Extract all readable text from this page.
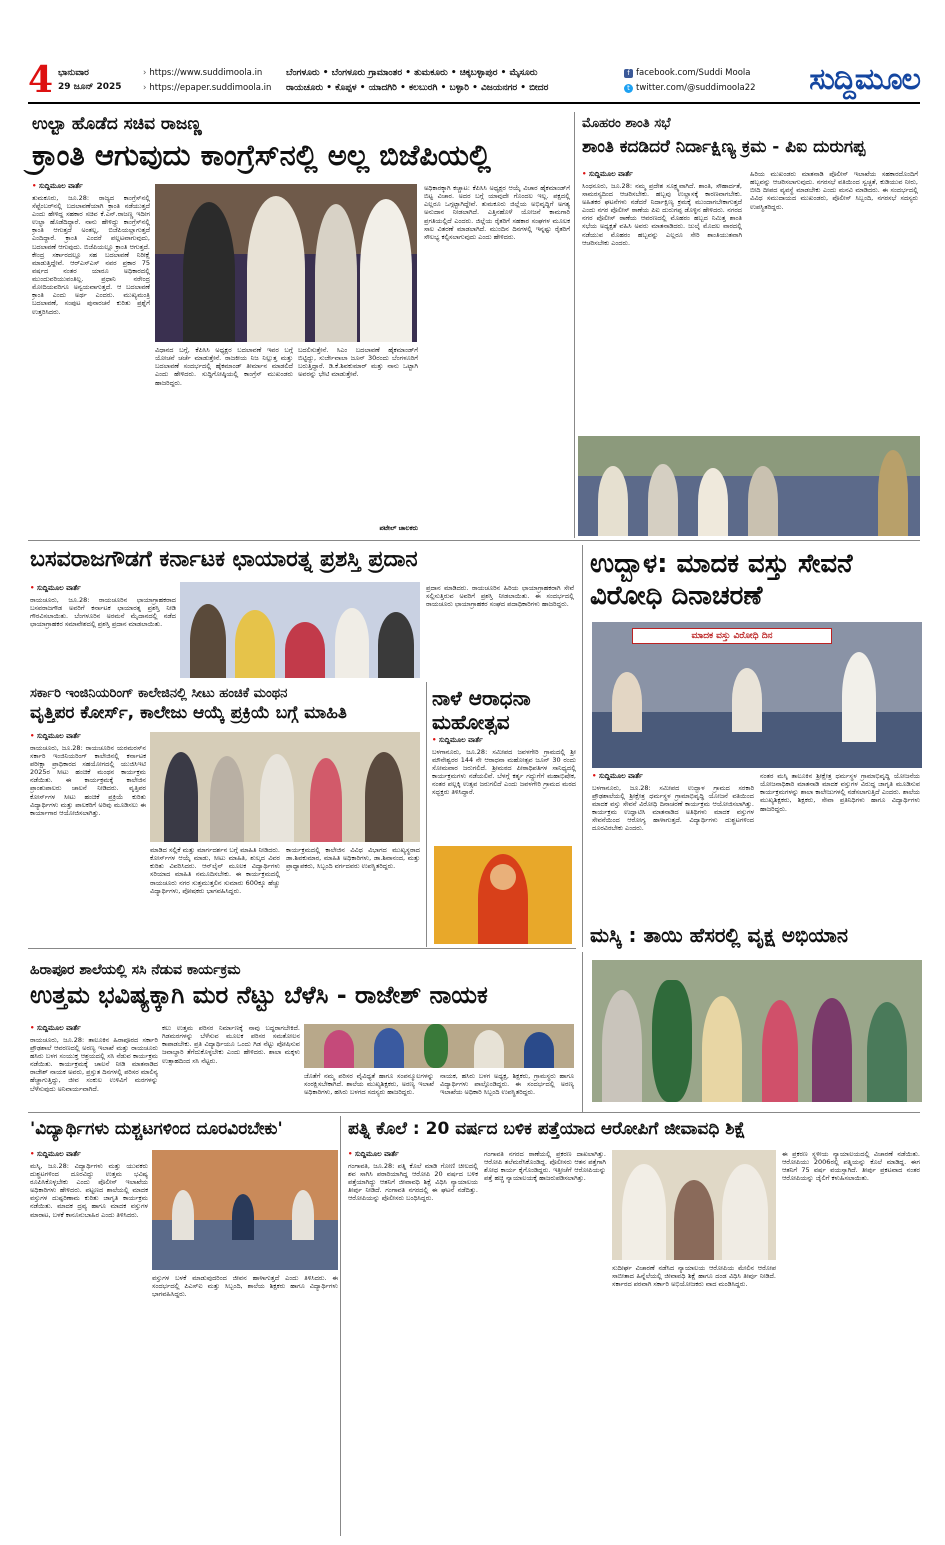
4 ಭಾನುವಾರ
29 ಜೂನ್ 2025
› https://www.suddimoola.in
› https://epaper.suddimoola.in
ಬೆಂಗಳೂರು • ಬೆಂಗಳೂರು ಗ್ರಾಮಾಂತರ • ತುಮಕೂರು • ಚಿಕ್ಕಬಳ್ಳಾಪುರ • ಮೈಸೂರು
ರಾಯಚೂರು • ಕೊಪ್ಪಳ • ಯಾದಗಿರಿ • ಕಲಬುರಗಿ • ಬಳ್ಳಾರಿ • ವಿಜಯನಗರ • ಬೀದರ
f facebook.com/Suddi Moola
t twitter.com/@suddimoola22 ಸುದ್ದಿಮೂಲ
ಉಲ್ಟಾ ಹೊಡೆದ ಸಚಿವ ರಾಜಣ್ಣ
ಕ್ರಾಂತಿ ಆಗುವುದು ಕಾಂಗ್ರೆಸ್‌ನಲ್ಲಿ ಅಲ್ಲ ಬಿಜೆಪಿಯಲ್ಲಿ

• ಸುದ್ದಿಮೂಲ ವಾರ್ತೆ

ತುಮಕೂರು, ಜೂ.28: ರಾಜ್ಯದ ಕಾಂಗ್ರೆಸ್‌ನಲ್ಲಿ ಸೆಪ್ಟೆಂಬರ್‌ನಲ್ಲಿ ಬದಲಾವಣೆಯಾಗಿ ಕ್ರಾಂತಿ ನಡೆಯುತ್ತದೆ ಎಂದು ಹೇಳಿದ್ದ ಸಹಕಾರ ಸಚಿವ ಕೆ.ಎನ್.ರಾಜಣ್ಣ ಇದೀಗ ಉಲ್ಟಾ ಹೊಡೆದಿದ್ದಾರೆ. ನಾನು ಹೇಳಿದ್ದು ಕಾಂಗ್ರೆಸ್‌ನಲ್ಲಿ ಕ್ರಾಂತಿ ಆಗುತ್ತದೆ ಅಂತಲ್ಲ, ಬಿಜೆಪಿಯಲ್ಲಾಗುತ್ತದೆ ಎಂದಿದ್ದಾರೆ. ಕ್ರಾಂತಿ ಎಂದರೆ ಪಲ್ಲಟವಾಗುವುದು, ಬದಲಾವಣೆ ಆಗುವುದು. ಬಿಜೆಪಿಯಲ್ಲೂ ಕ್ರಾಂತಿ ಆಗುತ್ತದೆ. ಕೇಂದ್ರ ಸರ್ಕಾರದಲ್ಲೂ ಸಹ ಬದಲಾವಣೆ ನಿರೀಕ್ಷೆ ಮಾಡುತ್ತಿದ್ದೇವೆ. ಆರ್‌ಎಸ್‌ಎಸ್ ನವರ ಪ್ರಕಾರ 75 ವರ್ಷದ ನಂತರ ಯಾರೂ ಅಧಿಕಾರದಲ್ಲಿ ಮುಂದುವರಿಯುವಂತಿಲ್ಲ. ಪ್ರಧಾನಿ ನರೇಂದ್ರ ಮೋದಿಯವರಿಗೂ ಅನ್ವಯವಾಗುತ್ತದೆ. ಆ ಬದಲಾವಣೆ ಕ್ರಾಂತಿ ಎಂದು ಅರ್ಥ ಎಂದರು. ಮುಖ್ಯಮಂತ್ರಿ ಬದಲಾವಣೆ, ಸಂಪುಟ ಪುನಾರಚನೆ ಕುರಿತು ಪ್ರಶ್ನೆಗೆ ಉತ್ತರಿಸಿದರು.

ವಿಧಾನದ ಬಗ್ಗೆ, ಕೆಪಿಸಿಸಿ ಅಧ್ಯಕ್ಷರ ಬದಲಾವಣೆ ಇವರ ಬಗ್ಗೆ ಯೋಚನೆ ಚರ್ಚೆ ಮಾಡುತ್ತೇನೆ. ರಾಜಕೀಯ ನಿಜ ನಿಲ್ಲುತ್ತ ಮತ್ತು ಬದಲಾವಣೆ ಸಂದರ್ಭದಲ್ಲಿ ಹೈಕಮಾಂಡ್ ತೀರ್ಮಾನ ಮಾಡಲಿದೆ ಎಂದು ಹೇಳಿದರು. ಸುದ್ದಿಗೋಷ್ಠಿಯಲ್ಲಿ ಕಾಂಗ್ರೆಸ್ ಮುಖಂಡರು ಹಾಜರಿದ್ದರು.

ಬದಲಿಸುತ್ತೇನೆ. ಸಿಎಂ ಬದಲಾವಣೆ ಹೈಕಮಾಂಡ್‌ಗೆ ಬಿಟ್ಟಿದ್ದು, ಸುರ್ಜೇವಾಲಾ ಜೂನ್ 30ರಂದು ಬೆಂಗಳೂರಿಗೆ ಬರುತ್ತಿದ್ದಾರೆ. ಡಿ.ಕೆ.ಶಿವಕುಮಾರ್ ಮತ್ತು ನಾನು ಒಟ್ಟಾಗಿ ಅವರನ್ನು ಭೇಟಿ ಮಾಡುತ್ತೇವೆ.

ಪಟೇಲ್ ಚಾಲಕರು

ಅಧಿಕಾರಕ್ಕಾಗಿ ಕಚ್ಚಾಟ: ಕೆಪಿಸಿಸಿ ಅಧ್ಯಕ್ಷರ ಆಯ್ಕೆ ವಿಚಾರ ಹೈಕಮಾಂಡ್‌ಗೆ ಬಿಟ್ಟ ವಿಚಾರ. ಅದರ ಬಗ್ಗೆ ಯಾವುದೇ ಗೊಂದಲ ಇಲ್ಲ. ಪಕ್ಷದಲ್ಲಿ ಎಲ್ಲರೂ ಒಗ್ಗಟ್ಟಾಗಿದ್ದೇವೆ. ತುಮಕೂರು ಜಿಲ್ಲೆಯ ಅಭಿವೃದ್ಧಿಗೆ ಅಗತ್ಯ ಅನುದಾನ ನೀಡಲಾಗಿದೆ. ಎತ್ತಿನಹೊಳೆ ಯೋಜನೆ ಕಾಮಗಾರಿ ಪ್ರಗತಿಯಲ್ಲಿದೆ ಎಂದರು. ಜಿಲ್ಲೆಯ ರೈತರಿಗೆ ಸಹಕಾರ ಸಂಘಗಳ ಮೂಲಕ ಸಾಲ ವಿತರಣೆ ಮಾಡಲಾಗಿದೆ. ಮುಂದಿನ ದಿನಗಳಲ್ಲಿ ಇನ್ನಷ್ಟು ರೈತರಿಗೆ ಸೌಲಭ್ಯ ಕಲ್ಪಿಸಲಾಗುವುದು ಎಂದು ಹೇಳಿದರು.

ಮೊಹರಂ ಶಾಂತಿ ಸಭೆ
ಶಾಂತಿ ಕದಡಿದರೆ ನಿರ್ದಾಕ್ಷಿಣ್ಯ ಕ್ರಮ - ಪಿಐ ದುರುಗಪ್ಪ

• ಸುದ್ದಿಮೂಲ ವಾರ್ತೆ

ಸಿಂಧನೂರು, ಜೂ.28: ನಮ್ಮ ಪ್ರದೇಶ ಸೂಕ್ಷ್ಮವಾಗಿದೆ. ಶಾಂತಿ, ಸೌಹಾರ್ದತೆ, ಸಾಮರಸ್ಯದಿಂದ ಆಚರಿಸಬೇಕು. ಹಬ್ಬವು ಉಲ್ಲಾಸಕ್ಕೆ ಕಾರಣವಾಗಬೇಕು. ಅಹಿತಕರ ಘಟನೆಗಳು ನಡೆದರೆ ನಿರ್ದಾಕ್ಷಿಣ್ಯ ಕ್ರಮಕ್ಕೆ ಮುಂದಾಗಬೇಕಾಗುತ್ತದೆ ಎಂದು ನಗರ ಪೊಲೀಸ್ ಠಾಣೆಯ ಪಿಐ ದುರುಗಪ್ಪ ಡೊಳ್ಳಿನ ಹೇಳಿದರು. ನಗರದ ನಗರ ಪೊಲೀಸ್ ಠಾಣೆಯ ಆವರಣದಲ್ಲಿ ಮೊಹರಂ ಹಬ್ಬದ ನಿಮಿತ್ತ ಶಾಂತಿ ಸಭೆಯ ಅಧ್ಯಕ್ಷತೆ ವಹಿಸಿ ಅವರು ಮಾತನಾಡಿದರು. ಜುಲೈ ಮೊದಲ ವಾರದಲ್ಲಿ ನಡೆಯುವ ಮೊಹರಂ ಹಬ್ಬವನ್ನು ಎಲ್ಲರೂ ಸೇರಿ ಶಾಂತಿಯುತವಾಗಿ ಆಚರಿಸಬೇಕು ಎಂದರು.

ಹಿರಿಯ ಮುಖಂಡರು ಮಾತನಾಡಿ ಪೊಲೀಸ್ ಇಲಾಖೆಯ ಸಹಕಾರದೊಂದಿಗೆ ಹಬ್ಬವನ್ನು ಆಚರಿಸಲಾಗುವುದು. ನಗರಸಭೆ ವತಿಯಿಂದ ಸ್ವಚ್ಛತೆ, ಕುಡಿಯುವ ನೀರು, ಬೀದಿ ದೀಪದ ವ್ಯವಸ್ಥೆ ಮಾಡಬೇಕು ಎಂದು ಮನವಿ ಮಾಡಿದರು. ಈ ಸಂದರ್ಭದಲ್ಲಿ ವಿವಿಧ ಸಮುದಾಯದ ಮುಖಂಡರು, ಪೊಲೀಸ್ ಸಿಬ್ಬಂದಿ, ನಗರಸಭೆ ಸದಸ್ಯರು ಉಪಸ್ಥಿತರಿದ್ದರು.

ಬಸವರಾಜಗೌಡಗೆ ಕರ್ನಾಟಕ ಛಾಯಾರತ್ನ ಪ್ರಶಸ್ತಿ ಪ್ರದಾನ

• ಸುದ್ದಿಮೂಲ ವಾರ್ತೆ

ರಾಯಚೂರು, ಜೂ.28: ರಾಯಚೂರಿನ ಛಾಯಾಗ್ರಾಹಕರಾದ ಬಸವರಾಜಗೌಡ ಅವರಿಗೆ ಕರ್ನಾಟಕ ಛಾಯಾರತ್ನ ಪ್ರಶಸ್ತಿ ನೀಡಿ ಗೌರವಿಸಲಾಯಿತು. ಬೆಂಗಳೂರಿನ ಅರಮನೆ ಮೈದಾನದಲ್ಲಿ ನಡೆದ ಛಾಯಾಗ್ರಾಹಕರ ಸಮಾವೇಶದಲ್ಲಿ ಪ್ರಶಸ್ತಿ ಪ್ರದಾನ ಮಾಡಲಾಯಿತು.

ಪ್ರದಾನ ಮಾಡಿದರು. ರಾಯಚೂರಿನ ಹಿರಿಯ ಛಾಯಾಗ್ರಾಹಕರಾಗಿ ಸೇವೆ ಸಲ್ಲಿಸುತ್ತಿರುವ ಅವರಿಗೆ ಪ್ರಶಸ್ತಿ ನೀಡಲಾಯಿತು. ಈ ಸಂದರ್ಭದಲ್ಲಿ ರಾಯಚೂರು ಛಾಯಾಗ್ರಾಹಕರ ಸಂಘದ ಪದಾಧಿಕಾರಿಗಳು ಹಾಜರಿದ್ದರು.

ಉದ್ಬಾಳ: ಮಾದಕ ವಸ್ತು ಸೇವನೆ ವಿರೋಧಿ ದಿನಾಚರಣೆ
ಮಾದಕ ವಸ್ತು ವಿರೋಧಿ ದಿನ

• ಸುದ್ದಿಮೂಲ ವಾರ್ತೆ

ಬಳಗಾನೂರು, ಜೂ.28: ಸಮೀಪದ ಉದ್ಬಾಳ ಗ್ರಾಮದ ಸರಕಾರಿ ಪ್ರೌಢಶಾಲೆಯಲ್ಲಿ ಶ್ರೀಕ್ಷೇತ್ರ ಧರ್ಮಸ್ಥಳ ಗ್ರಾಮಾಭಿವೃದ್ಧಿ ಯೋಜನೆ ವತಿಯಿಂದ ಮಾದಕ ವಸ್ತು ಸೇವನೆ ವಿರೋಧಿ ದಿನಾಚರಣೆ ಕಾರ್ಯಕ್ರಮ ಆಯೋಜಿಸಲಾಗಿತ್ತು. ಕಾರ್ಯಕ್ರಮ ಉದ್ಘಾಟಿಸಿ ಮಾತನಾಡಿದ ಅತಿಥಿಗಳು ಮಾದಕ ವಸ್ತುಗಳ ಸೇವನೆಯಿಂದ ಆರೋಗ್ಯ ಹಾಳಾಗುತ್ತದೆ. ವಿದ್ಯಾರ್ಥಿಗಳು ದುಶ್ಚಟಗಳಿಂದ ದೂರವಿರಬೇಕು ಎಂದರು.

ನಂತರ ಮಸ್ಕಿ ತಾಲೂಕಿನ ಶ್ರೀಕ್ಷೇತ್ರ ಧರ್ಮಸ್ಥಳ ಗ್ರಾಮಾಭಿವೃದ್ಧಿ ಯೋಜನೆಯ ಯೋಜನಾಧಿಕಾರಿ ಮಾತನಾಡಿ ಮಾದಕ ವಸ್ತುಗಳ ವಿರುದ್ಧ ಜಾಗೃತಿ ಮೂಡಿಸುವ ಕಾರ್ಯಕ್ರಮಗಳನ್ನು ಶಾಲಾ ಕಾಲೇಜುಗಳಲ್ಲಿ ನಡೆಸಲಾಗುತ್ತಿದೆ ಎಂದರು. ಶಾಲೆಯ ಮುಖ್ಯಶಿಕ್ಷಕರು, ಶಿಕ್ಷಕರು, ಸೇವಾ ಪ್ರತಿನಿಧಿಗಳು ಹಾಗೂ ವಿದ್ಯಾರ್ಥಿಗಳು ಹಾಜರಿದ್ದರು.

ಸರ್ಕಾರಿ ಇಂಜಿನಿಯರಿಂಗ್ ಕಾಲೇಜಿನಲ್ಲಿ ಸೀಟು ಹಂಚಿಕೆ ಮಂಥನ
ವೃತ್ತಿಪರ ಕೋರ್ಸ್, ಕಾಲೇಜು ಆಯ್ಕೆ ಪ್ರಕ್ರಿಯೆ ಬಗ್ಗೆ ಮಾಹಿತಿ

• ಸುದ್ದಿಮೂಲ ವಾರ್ತೆ

ರಾಯಚೂರು, ಜೂ.28: ರಾಯಚೂರಿನ ಯರಮರಸ್‌ನ ಸರ್ಕಾರಿ ಇಂಜಿನಿಯರಿಂಗ್ ಕಾಲೇಜಿನಲ್ಲಿ ಕರ್ನಾಟಕ ಪರೀಕ್ಷಾ ಪ್ರಾಧಿಕಾರದ ಸಹಯೋಗದಲ್ಲಿ ಯುಜಿಸಿಇಟಿ 2025ರ ಸೀಟು ಹಂಚಿಕೆ ಮಂಥನ ಕಾರ್ಯಕ್ರಮ ನಡೆಯಿತು. ಈ ಕಾರ್ಯಕ್ರಮಕ್ಕೆ ಕಾಲೇಜಿನ ಪ್ರಾಂಶುಪಾಲರು ಚಾಲನೆ ನೀಡಿದರು. ವೃತ್ತಿಪರ ಕೋರ್ಸ್‌ಗಳ ಸೀಟು ಹಂಚಿಕೆ ಪ್ರಕ್ರಿಯೆ ಕುರಿತು ವಿದ್ಯಾರ್ಥಿಗಳು ಮತ್ತು ಪಾಲಕರಿಗೆ ಅರಿವು ಮೂಡಿಸಲು ಈ ಕಾರ್ಯಾಗಾರ ಆಯೋಜಿಸಲಾಗಿತ್ತು.

ಮಾಡಿದ ಸಲ್ಲಿಕೆ ಮತ್ತು ಮಾರ್ಗದರ್ಶನ ಬಗ್ಗೆ ಮಾಹಿತಿ ನೀಡಿದರು. ಕೋರ್ಸ್‌ಗಳ ಆಯ್ಕೆ ಮಾಡು, ಸೀಟು ಮಾಹಿತಿ, ಶುಲ್ಕದ ವಿವರ ಕುರಿತು ವಿವರಿಸಿದರು. ಆನ್‌ಲೈನ್ ಮೂಲಕ ವಿದ್ಯಾರ್ಥಿಗಳು ಸರಿಯಾದ ಮಾಹಿತಿ ನಮೂದಿಸಬೇಕು. ಈ ಕಾರ್ಯಕ್ರಮದಲ್ಲಿ ರಾಯಚೂರು ನಗರ ಸುತ್ತಮುತ್ತಲಿನ ಸುಮಾರು 600ಕ್ಕೂ ಹೆಚ್ಚು ವಿದ್ಯಾರ್ಥಿಗಳು, ಪೋಷಕರು ಭಾಗವಹಿಸಿದ್ದರು.

ಕಾರ್ಯಕ್ರಮದಲ್ಲಿ ಕಾಲೇಜಿನ ವಿವಿಧ ವಿಭಾಗದ ಮುಖ್ಯಸ್ಥರಾದ ಡಾ.ಶಿವಕುಮಾರ, ಮಾಹಿತಿ ಅಧಿಕಾರಿಗಳು, ಡಾ.ಶಿವಾನಂದ, ಮತ್ತು ಪ್ರಾಧ್ಯಾಪಕರು, ಸಿಬ್ಬಂದಿ ವರ್ಗದವರು ಉಪಸ್ಥಿತರಿದ್ದರು.

ನಾಳೆ ಆರಾಧನಾ ಮಹೋತ್ಸವ

• ಸುದ್ದಿಮೂಲ ವಾರ್ತೆ

ಬಳಗಾನೂರು, ಜೂ.28: ಸಮೀಪದ ಜವಳಗೇರಿ ಗ್ರಾಮದಲ್ಲಿ ಶ್ರೀ ಮೌನೇಶ್ವರರ 144 ನೇ ಆರಾಧನಾ ಮಹೋತ್ಸವ ಜೂನ್ 30 ರಂದು ಸೋಮವಾರ ಜರುಗಲಿದೆ. ಶ್ರೀಮಠದ ಪೀಠಾಧಿಪತಿಗಳ ಸಾನಿಧ್ಯದಲ್ಲಿ ಕಾರ್ಯಕ್ರಮಗಳು ನಡೆಯಲಿವೆ. ಬೆಳಗ್ಗೆ ಕರ್ತೃ ಗದ್ದುಗೆಗೆ ಮಹಾಭಿಷೇಕ, ನಂತರ ಪಲ್ಲಕ್ಕಿ ಉತ್ಸವ ಜರುಗಲಿದೆ ಎಂದು ಜವಳಗೇರಿ ಗ್ರಾಮದ ಮಠದ ಸದ್ಭಕ್ತರು ತಿಳಿಸಿದ್ದಾರೆ.

ಮಸ್ಕಿ : ತಾಯಿ ಹೆಸರಲ್ಲಿ ವೃಕ್ಷ ಅಭಿಯಾನ
ಹಿರಾಪೂರ ಶಾಲೆಯಲ್ಲಿ ಸಸಿ ನೆಡುವ ಕಾರ್ಯಕ್ರಮ
ಉತ್ತಮ ಭವಿಷ್ಯಕ್ಕಾಗಿ ಮರ ನೆಟ್ಟು ಬೆಳೆಸಿ - ರಾಜೇಶ್ ನಾಯಕ

• ಸುದ್ದಿಮೂಲ ವಾರ್ತೆ

ರಾಯಚೂರು, ಜೂ.28: ತಾಲೂಕಿನ ಹಿರಾಪೂರದ ಸರ್ಕಾರಿ ಪ್ರೌಢಶಾಲೆ ಆವರಣದಲ್ಲಿ ಅರಣ್ಯ ಇಲಾಖೆ ಮತ್ತು ರಾಯಚೂರು ಹಸಿರು ಬಳಗ ಸಂಯುಕ್ತ ಆಶ್ರಯದಲ್ಲಿ ಸಸಿ ನೆಡುವ ಕಾರ್ಯಕ್ರಮ ನಡೆಯಿತು. ಕಾರ್ಯಕ್ರಮಕ್ಕೆ ಚಾಲನೆ ನೀಡಿ ಮಾತನಾಡಿದ ರಾಜೇಶ್ ನಾಯಕ ಅವರು, ಪ್ರಸ್ತುತ ದಿನಗಳಲ್ಲಿ ಪರಿಸರ ಮಾಲಿನ್ಯ ಹೆಚ್ಚಾಗುತ್ತಿದ್ದು, ಜೀವ ಸಂಕುಲ ಉಳಿವಿಗೆ ಮರಗಳನ್ನು ಬೆಳೆಸುವುದು ಅನಿವಾರ್ಯವಾಗಿದೆ.

ಕಲು ಉತ್ತಮ ಪರಿಸರ ನಿರ್ಮಾಣಕ್ಕೆ ನಾವು ಬದ್ಧರಾಗಬೇಕಿದೆ. ಗಿಡಮರಗಳನ್ನು ಬೆಳೆಸುವ ಮೂಲಕ ಪರಿಸರ ಸಮತೋಲನ ಕಾಪಾಡಬೇಕು. ಪ್ರತಿ ವಿದ್ಯಾರ್ಥಿಯೂ ಒಂದು ಗಿಡ ನೆಟ್ಟು ಪೋಷಿಸುವ ಜವಾಬ್ದಾರಿ ತೆಗೆದುಕೊಳ್ಳಬೇಕು ಎಂದು ಹೇಳಿದರು. ಶಾಲಾ ಮಕ್ಕಳು ಉತ್ಸಾಹದಿಂದ ಸಸಿ ನೆಟ್ಟರು.

ಜೊತೆಗೆ ನಮ್ಮ ಪರಿಸರ ವೈವಿಧ್ಯತೆ ಹಾಗೂ ಸಂಪನ್ಮೂಲಗಳನ್ನು ಸಂರಕ್ಷಿಸಬೇಕಾಗಿದೆ. ಶಾಲೆಯ ಮುಖ್ಯಶಿಕ್ಷಕರು, ಅರಣ್ಯ ಇಲಾಖೆ ಅಧಿಕಾರಿಗಳು, ಹಸಿರು ಬಳಗದ ಸದಸ್ಯರು ಹಾಜರಿದ್ದರು.

ನಾಯಕ, ಹಸಿರು ಬಳಗ ಅಧ್ಯಕ್ಷ, ಶಿಕ್ಷಕರು, ಗ್ರಾಮಸ್ಥರು ಹಾಗೂ ವಿದ್ಯಾರ್ಥಿಗಳು ಪಾಲ್ಗೊಂಡಿದ್ದರು. ಈ ಸಂದರ್ಭದಲ್ಲಿ ಅರಣ್ಯ ಇಲಾಖೆಯ ಅಧಿಕಾರಿ ಸಿಬ್ಬಂದಿ ಉಪಸ್ಥಿತರಿದ್ದರು.

'ವಿದ್ಯಾರ್ಥಿಗಳು ದುಶ್ಚಟಗಳಿಂದ ದೂರವಿರಬೇಕು'

• ಸುದ್ದಿಮೂಲ ವಾರ್ತೆ

ಮಸ್ಕಿ, ಜೂ.28: ವಿದ್ಯಾರ್ಥಿಗಳು ಮತ್ತು ಯುವಕರು ದುಶ್ಚಟಗಳಿಂದ ದೂರವಿದ್ದು ಉತ್ತಮ ಭವಿಷ್ಯ ರೂಪಿಸಿಕೊಳ್ಳಬೇಕು ಎಂದು ಪೊಲೀಸ್ ಇಲಾಖೆಯ ಅಧಿಕಾರಿಗಳು ಹೇಳಿದರು. ಪಟ್ಟಣದ ಶಾಲೆಯಲ್ಲಿ ಮಾದಕ ವಸ್ತುಗಳ ದುಷ್ಪರಿಣಾಮ ಕುರಿತು ಜಾಗೃತಿ ಕಾರ್ಯಕ್ರಮ ನಡೆಯಿತು. ಮಾದಕ ದ್ರವ್ಯ ಹಾಗೂ ಮಾದಕ ವಸ್ತುಗಳ ಮಾರಾಟ, ಬಳಕೆ ಕಾನೂನುಬಾಹಿರ ಎಂದು ತಿಳಿಸಿದರು.

ವಸ್ತುಗಳ ಬಳಕೆ ಮಾಡುವುದರಿಂದ ಜೀವನ ಹಾಳಾಗುತ್ತದೆ ಎಂದು ತಿಳಿಸಿದರು. ಈ ಸಂದರ್ಭದಲ್ಲಿ ಪಿಎಸ್‌ಐ ಮತ್ತು ಸಿಬ್ಬಂದಿ, ಶಾಲೆಯ ಶಿಕ್ಷಕರು ಹಾಗೂ ವಿದ್ಯಾರ್ಥಿಗಳು ಭಾಗವಹಿಸಿದ್ದರು.

ಪತ್ನಿ ಕೊಲೆ : 20 ವರ್ಷದ ಬಳಿಕ ಪತ್ತೆಯಾದ ಆರೋಪಿಗೆ ಜೀವಾವಧಿ ಶಿಕ್ಷೆ

• ಸುದ್ದಿಮೂಲ ವಾರ್ತೆ

ಗಂಗಾವತಿ, ಜೂ.28: ಪತ್ನಿ ಕೊಲೆ ಮಾಡಿ ಗೋಣಿ ಚೀಲದಲ್ಲಿ ಶವ ಸಾಗಿಸಿ ಪರಾರಿಯಾಗಿದ್ದ ಆರೋಪಿ 20 ವರ್ಷದ ಬಳಿಕ ಪತ್ತೆಯಾಗಿದ್ದು ಆತನಿಗೆ ಜೀವಾವಧಿ ಶಿಕ್ಷೆ ವಿಧಿಸಿ ನ್ಯಾಯಾಲಯ ತೀರ್ಪು ನೀಡಿದೆ. ಗಂಗಾವತಿ ನಗರದಲ್ಲಿ ಈ ಘಟನೆ ನಡೆದಿತ್ತು. ಆರೋಪಿಯನ್ನು ಪೊಲೀಸರು ಬಂಧಿಸಿದ್ದರು.

ಗಂಗಾವತಿ ನಗರದ ಠಾಣೆಯಲ್ಲಿ ಪ್ರಕರಣ ದಾಖಲಾಗಿತ್ತು. ಆರೋಪಿ ತಲೆಮರೆಸಿಕೊಂಡಿದ್ದ. ಪೊಲೀಸರು ಆತನ ಪತ್ತೆಗಾಗಿ ಶೋಧ ಕಾರ್ಯ ಕೈಗೊಂಡಿದ್ದರು. ಇತ್ತೀಚೆಗೆ ಆರೋಪಿಯನ್ನು ಪತ್ತೆ ಹಚ್ಚಿ ನ್ಯಾಯಾಲಯಕ್ಕೆ ಹಾಜರುಪಡಿಸಲಾಗಿತ್ತು.

ಸುದೀರ್ಘ ವಿಚಾರಣೆ ನಡೆಸಿದ ನ್ಯಾಯಾಲಯ ಆರೋಪಿಯ ಮೇಲಿನ ಆರೋಪ ಸಾಬೀತಾದ ಹಿನ್ನೆಲೆಯಲ್ಲಿ ಜೀವಾವಧಿ ಶಿಕ್ಷೆ ಹಾಗೂ ದಂಡ ವಿಧಿಸಿ ತೀರ್ಪು ನೀಡಿದೆ. ಸರ್ಕಾರದ ಪರವಾಗಿ ಸರ್ಕಾರಿ ಅಭಿಯೋಜಕರು ವಾದ ಮಂಡಿಸಿದ್ದರು.

ಈ ಪ್ರಕರಣ ಸ್ಥಳೀಯ ನ್ಯಾಯಾಲಯದಲ್ಲಿ ವಿಚಾರಣೆ ನಡೆಯಿತು. ಆರೋಪಿಯು 2006ರಲ್ಲಿ ಪತ್ನಿಯನ್ನು ಕೊಲೆ ಮಾಡಿದ್ದ. ಈಗ ಆತನಿಗೆ 75 ವರ್ಷ ವಯಸ್ಸಾಗಿದೆ. ತೀರ್ಪು ಪ್ರಕಟವಾದ ನಂತರ ಆರೋಪಿಯನ್ನು ಜೈಲಿಗೆ ಕಳುಹಿಸಲಾಯಿತು.
